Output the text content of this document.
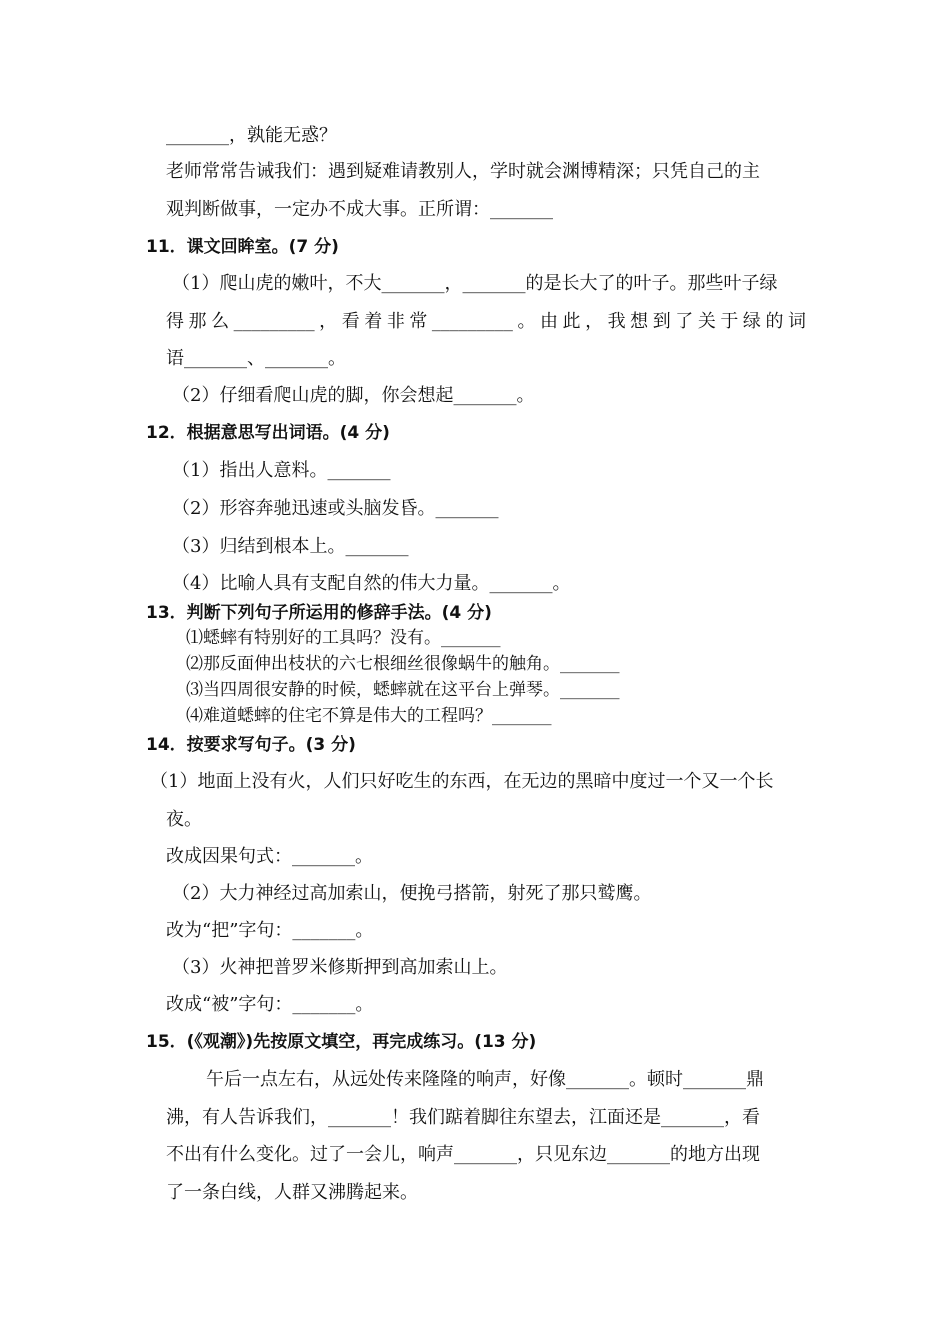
_______，孰能无惑？
老师常常告诫我们：遇到疑难请教别人，学时就会渊博精深；只凭自己的主
观判断做事，一定办不成大事。正所谓：_______
11．课文回眸室。(7 分)
（1）爬山虎的嫩叶，不大_______，_______的是长大了的叶子。那些叶子绿
得那么_________，看着非常_________。由此，我想到了关于绿的词
语_______、_______。
（2）仔细看爬山虎的脚，你会想起_______。
12．根据意思写出词语。(4 分)
（1）指出人意料。_______
（2）形容奔驰迅速或头脑发昏。_______
（3）归结到根本上。_______
（4）比喻人具有支配自然的伟大力量。_______。
13．判断下列句子所运用的修辞手法。(4 分)
⑴蟋蟀有特别好的工具吗？没有。_______
⑵那反面伸出枝状的六七根细丝很像蜗牛的触角。_______
⑶当四周很安静的时候，蟋蟀就在这平台上弹琴。_______
⑷难道蟋蟀的住宅不算是伟大的工程吗？_______
14．按要求写句子。(3 分)
（1）地面上没有火，人们只好吃生的东西，在无边的黑暗中度过一个又一个长
夜。
改成因果句式：_______。
（2）大力神经过高加索山，便挽弓搭箭，射死了那只鹫鹰。
改为“把”字句：_______。
（3）火神把普罗米修斯押到高加索山上。
改成“被”字句：_______。
15．(《观潮》)先按原文填空，再完成练习。(13 分)
午后一点左右，从远处传来隆隆的响声，好像_______。顿时_______鼎
沸，有人告诉我们，_______！我们踮着脚往东望去，江面还是_______，看
不出有什么变化。过了一会儿，响声_______，只见东边_______的地方出现
了一条白线，人群又沸腾起来。
